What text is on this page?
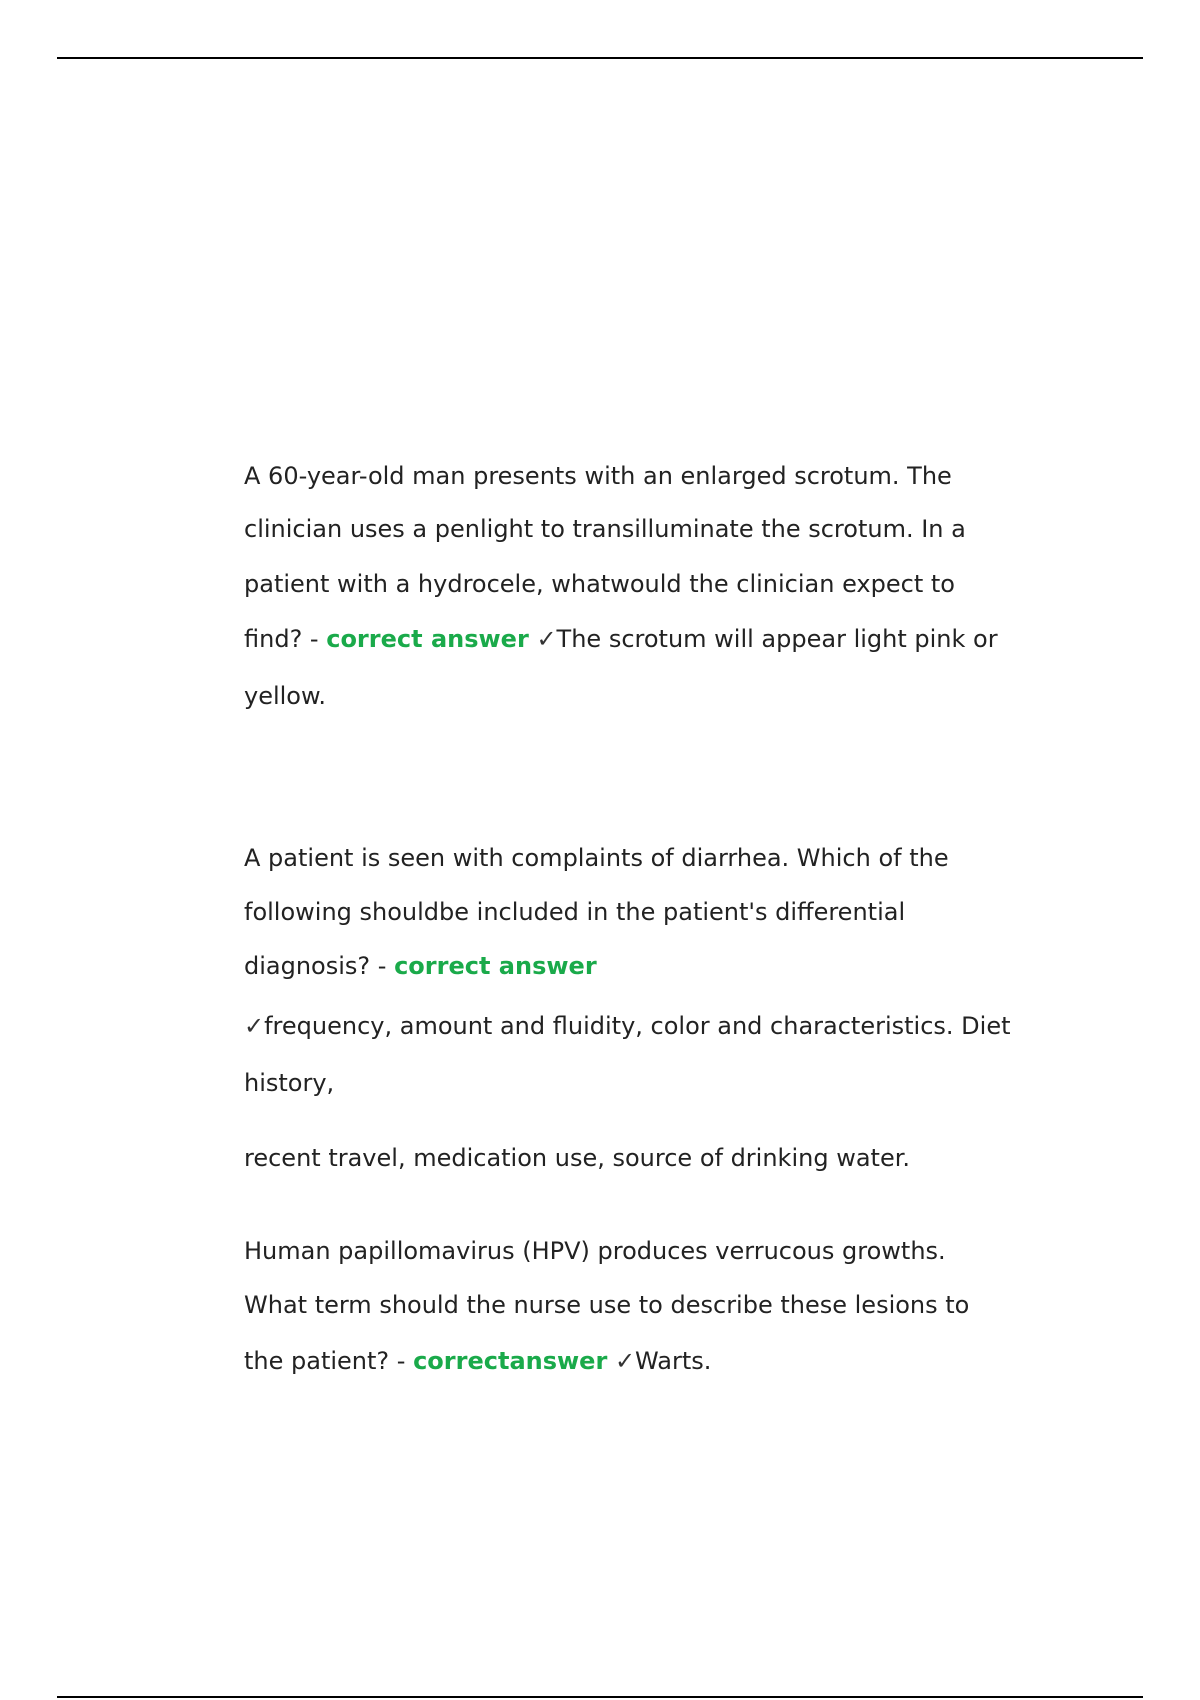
A 60-year-old man presents with an enlarged scrotum. The
clinician uses a penlight to transilluminate the scrotum. In a
patient with a hydrocele, whatwould the clinician expect to
find? - correct answer ✓The scrotum will appear light pink or
yellow.
A patient is seen with complaints of diarrhea. Which of the
following shouldbe included in the patient's differential
diagnosis? - correct answer
✓frequency, amount and fluidity, color and characteristics. Diet
history,
recent travel, medication use, source of drinking water.
Human papillomavirus (HPV) produces verrucous growths.
What term should the nurse use to describe these lesions to
the patient? - correctanswer ✓Warts.
